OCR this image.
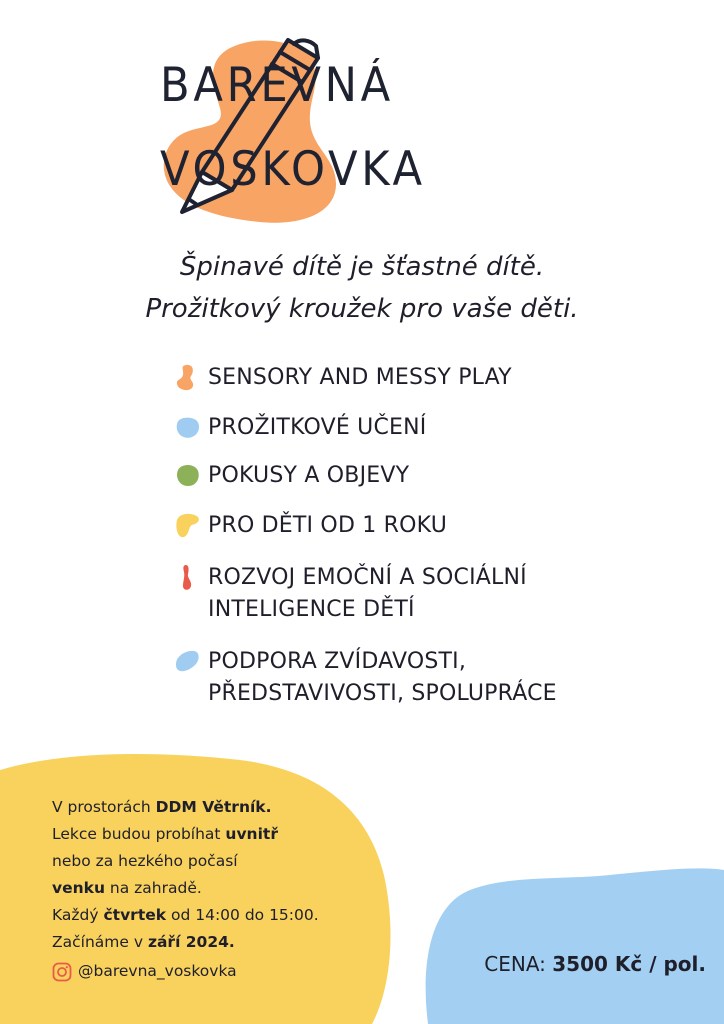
BAREVNÁ
VOSKOVKA
Špinavé dítě je šťastné dítě.
Prožitkový kroužek pro vaše děti.
SENSORY AND MESSY PLAY
PROŽITKOVÉ UČENÍ
POKUSY A OBJEVY
PRO DĚTI OD 1 ROKU
ROZVOJ EMOČNÍ A SOCIÁLNÍ
INTELIGENCE DĚTÍ
PODPORA ZVÍDAVOSTI,
PŘEDSTAVIVOSTI, SPOLUPRÁCE

V prostorách DDM Větrník.

Lekce budou probíhat uvnitř

nebo za hezkého počasí

venku na zahradě.

Každý čtvrtek od 14:00 do 15:00.

Začínáme v září 2024.

@barevna_voskovka	CENA: 3500 Kč / pol.
